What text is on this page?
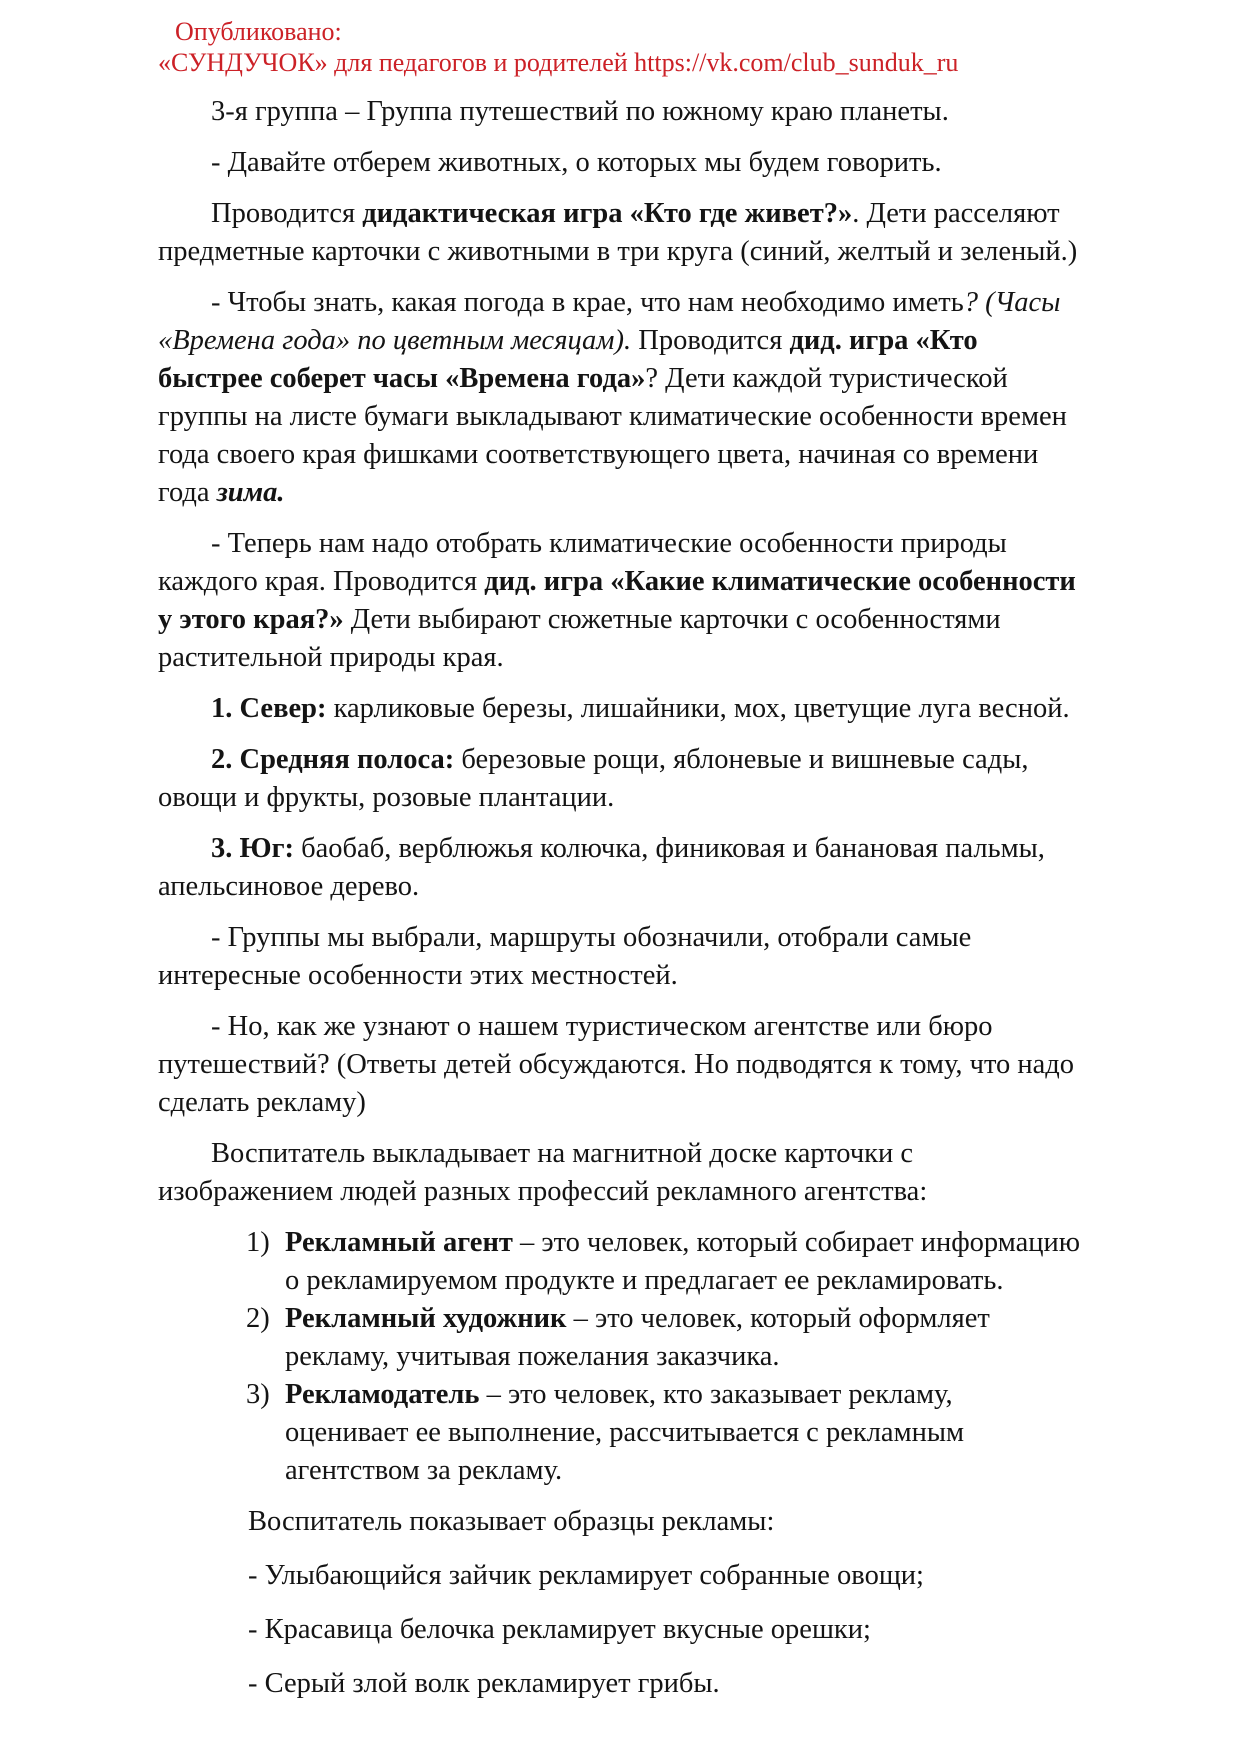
Опубликовано:

«СУНДУЧОК» для педагогов и родителей https://vk.com/club_sunduk_ru

3-я группа – Группа путешествий по южному краю планеты.

- Давайте отберем животных, о которых мы будем говорить.

Проводится дидактическая игра «Кто где живет?». Дети расселяют предметные карточки с животными в три круга (синий, желтый и зеленый.)

- Чтобы знать, какая погода в крае, что нам необходимо иметь? (Часы «Времена года» по цветным месяцам). Проводится дид. игра «Кто быстрее соберет часы «Времена года»? Дети каждой туристической группы на листе бумаги выкладывают климатические особенности времен года своего края фишками соответствующего цвета, начиная со времени года зима.

- Теперь нам надо отобрать климатические особенности природы каждого края. Проводится дид. игра «Какие климатические особенности у этого края?» Дети выбирают сюжетные карточки с особенностями растительной природы края.

1. Север: карликовые березы, лишайники, мох, цветущие луга весной.

2. Средняя полоса: березовые рощи, яблоневые и вишневые сады, овощи и фрукты, розовые плантации.

3. Юг: баобаб, верблюжья колючка, финиковая и банановая пальмы, апельсиновое дерево.

- Группы мы выбрали, маршруты обозначили, отобрали самые интересные особенности этих местностей.

- Но, как же узнают о нашем туристическом агентстве или бюро путешествий? (Ответы детей обсуждаются. Но подводятся к тому, что надо сделать рекламу)

Воспитатель выкладывает на магнитной доске карточки с изображением людей разных профессий рекламного агентства:

1) Рекламный агент – это человек, который собирает информацию о рекламируемом продукте и предлагает ее рекламировать.

2) Рекламный художник – это человек, который оформляет рекламу, учитывая пожелания заказчика.

3) Рекламодатель – это человек, кто заказывает рекламу, оценивает ее выполнение, рассчитывается с рекламным агентством за рекламу.

Воспитатель показывает образцы рекламы:

- Улыбающийся зайчик рекламирует собранные овощи;

- Красавица белочка рекламирует вкусные орешки;

- Серый злой волк рекламирует грибы.
